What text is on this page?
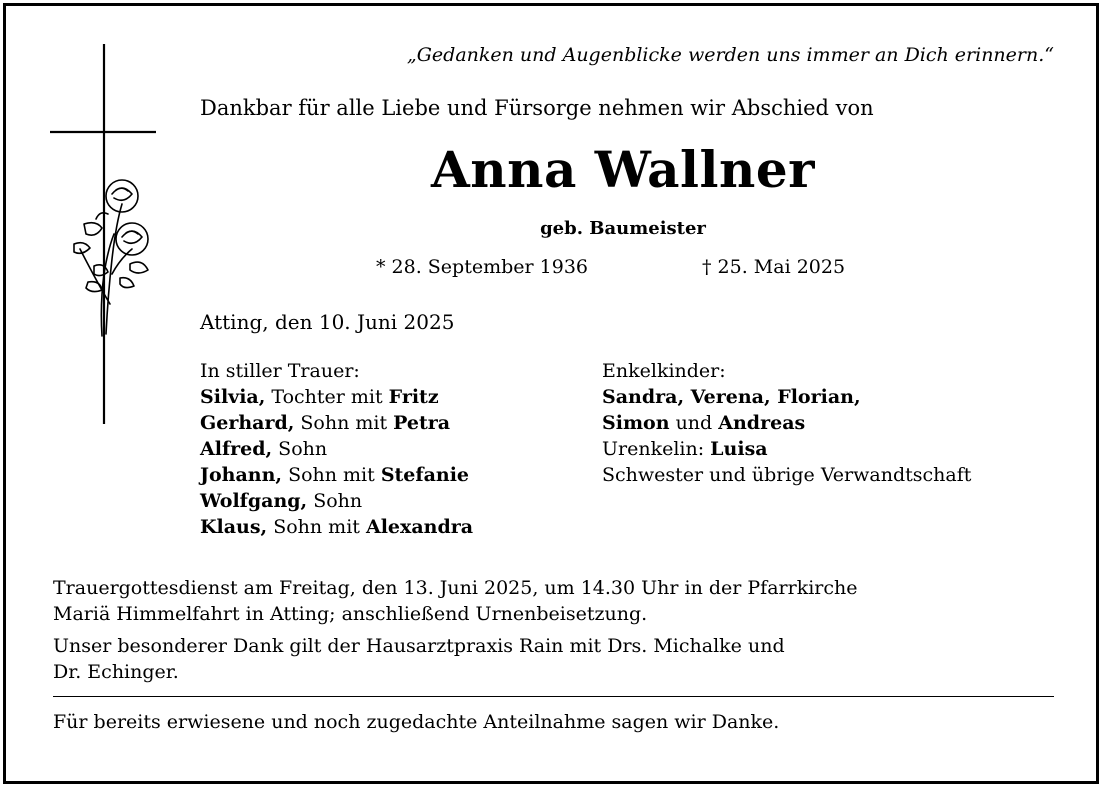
„Gedanken und Augenblicke werden uns immer an Dich erinnern.“
Dankbar für alle Liebe und Fürsorge nehmen wir Abschied von
Anna Wallner
geb. Baumeister
* 28. September 1936	† 25. Mai 2025
Atting, den 10. Juni 2025
In stiller Trauer:
Silvia, Tochter mit Fritz
Gerhard, Sohn mit Petra
Alfred, Sohn
Johann, Sohn mit Stefanie
Wolfgang, Sohn
Klaus, Sohn mit Alexandra
Enkelkinder:
Sandra, Verena, Florian,
Simon und Andreas
Urenkelin: Luisa
Schwester und übrige Verwandtschaft
Trauergottesdienst am Freitag, den 13. Juni 2025, um 14.30 Uhr in der Pfarrkirche
Mariä Himmelfahrt in Atting; anschließend Urnenbeisetzung.
Unser besonderer Dank gilt der Hausarztpraxis Rain mit Drs. Michalke und
Dr. Echinger.
Für bereits erwiesene und noch zugedachte Anteilnahme sagen wir Danke.
